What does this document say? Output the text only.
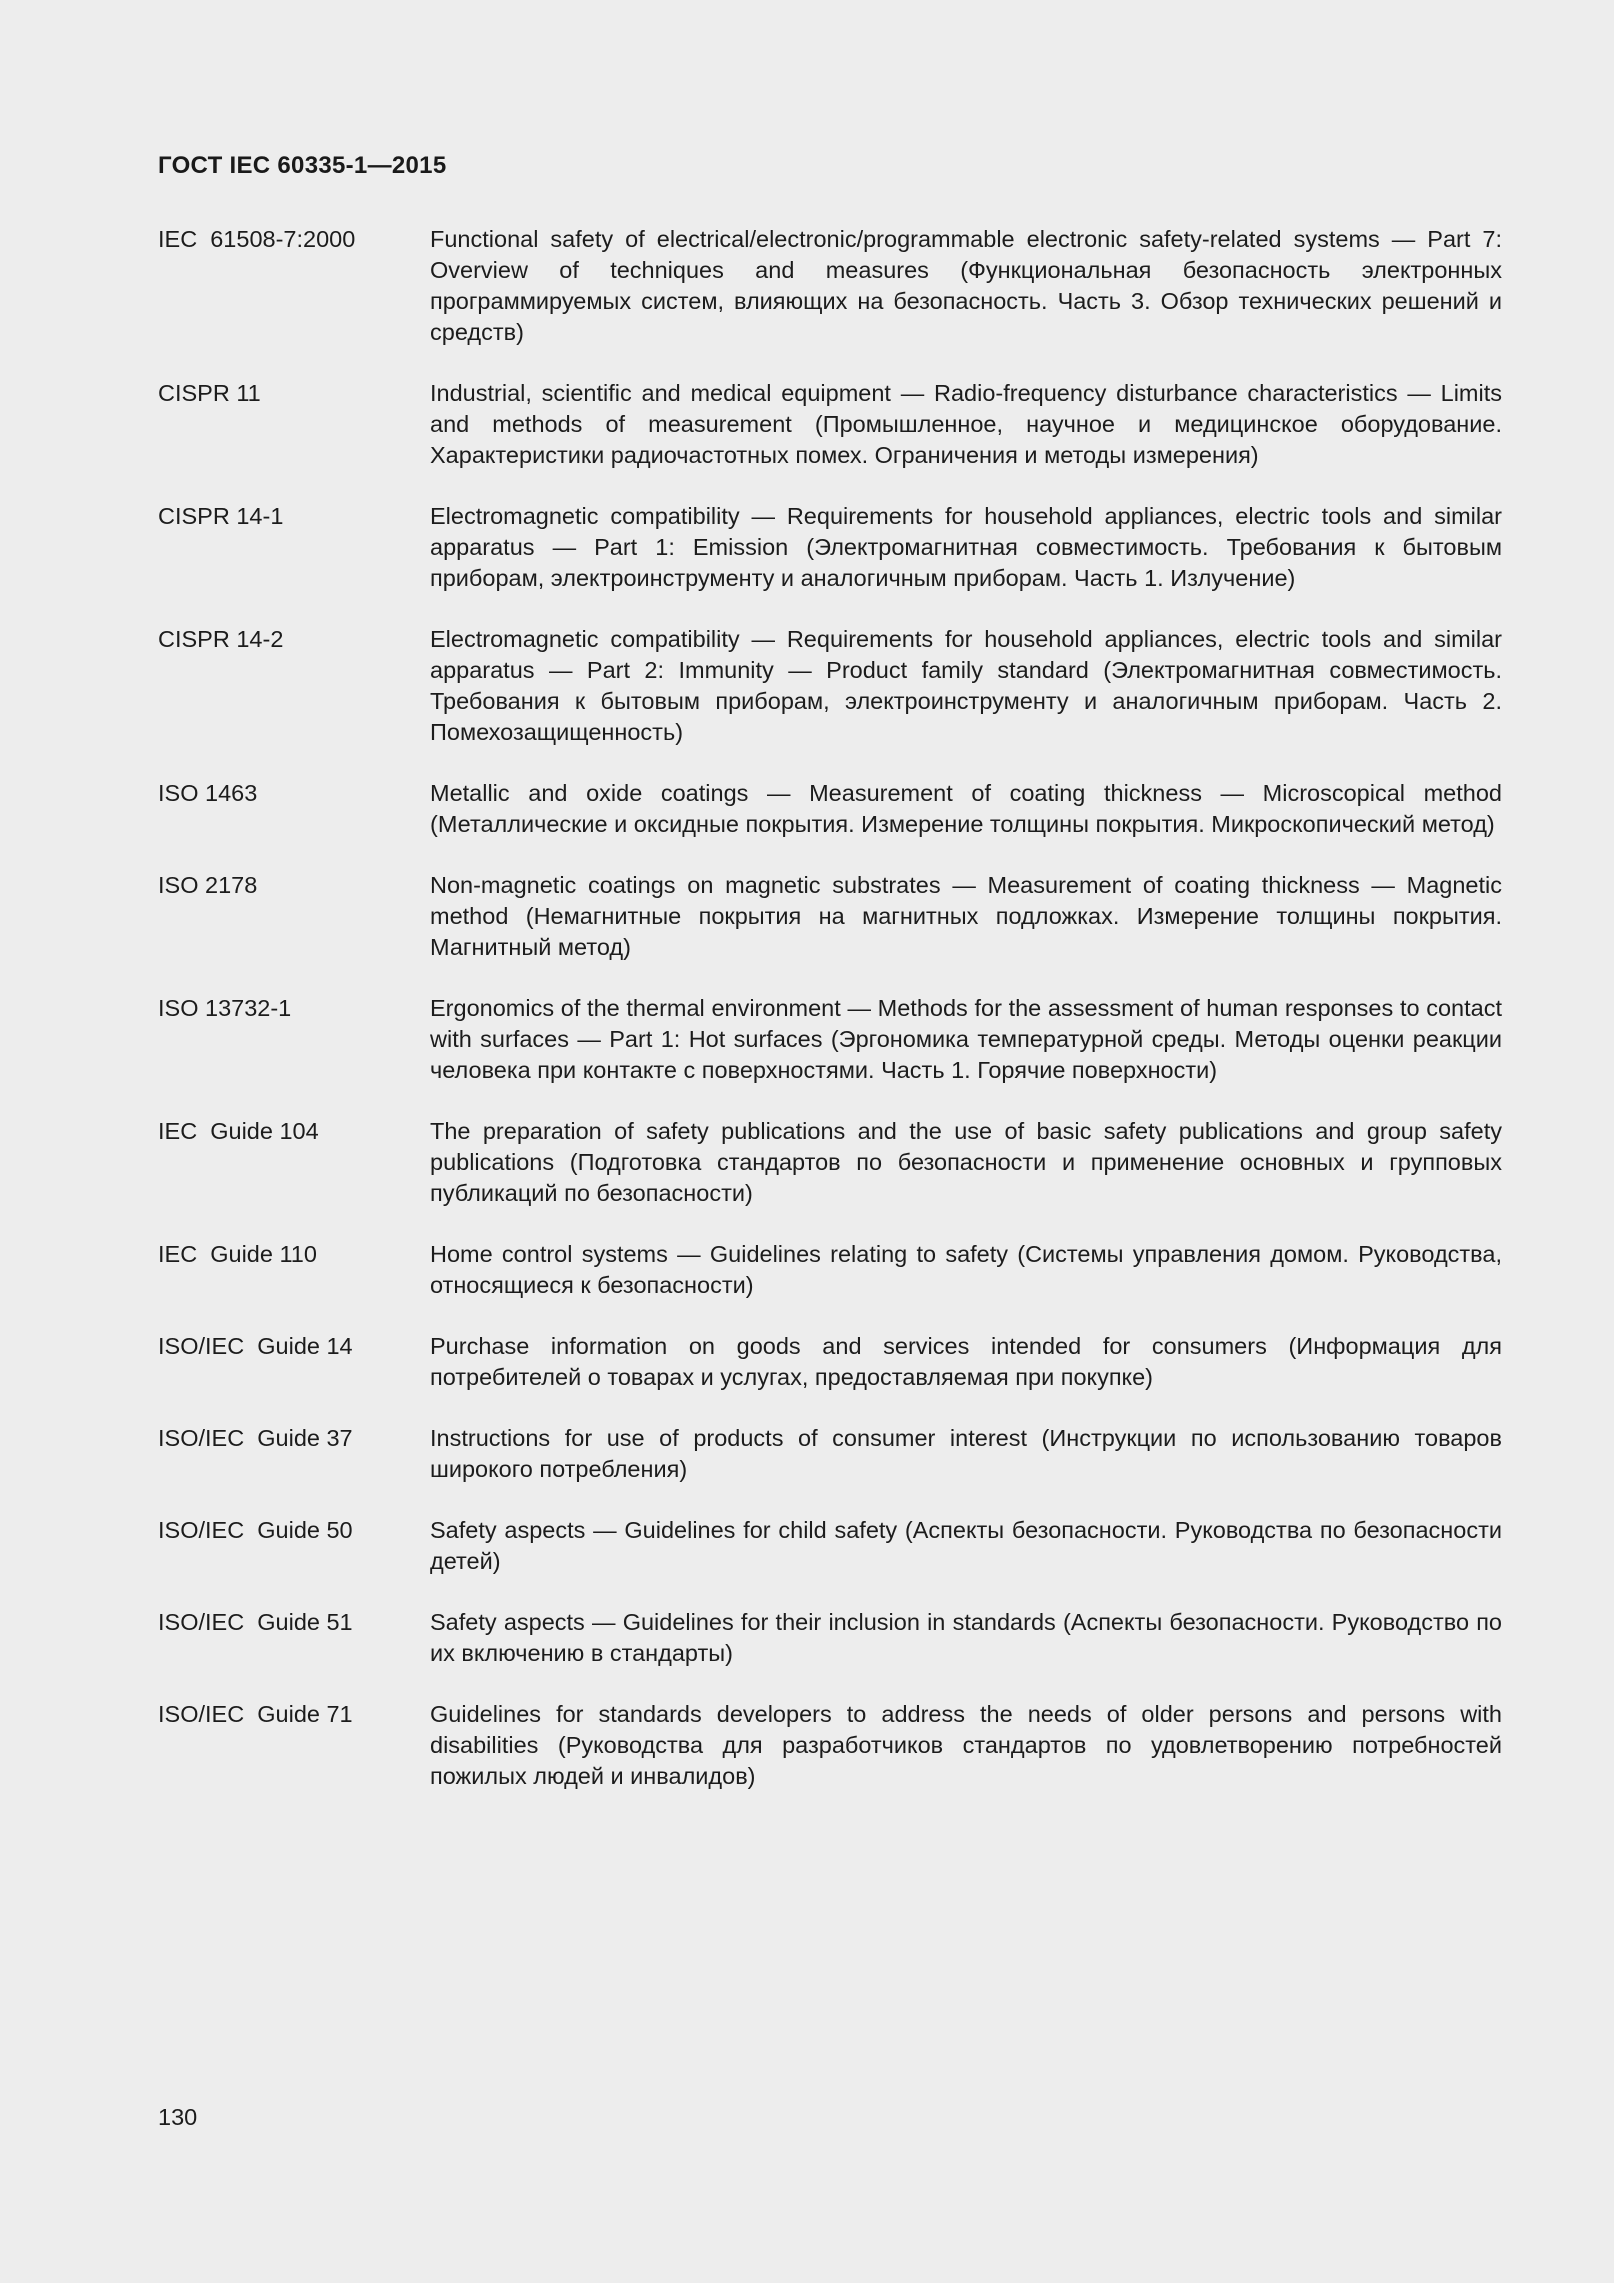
ГОСТ IEC 60335-1—2015
IEC  61508-7:2000	Functional safety of electrical/electronic/programmable electronic safety-related systems — Part 7: Overview of techniques and measures (Функциональная безопасность электронных программируемых систем, влияющих на безопасность. Часть 3. Обзор технических решений и средств)
CISPR 11	Industrial, scientific and medical equipment — Radio-frequency disturbance characteristics — Limits and methods of measurement (Промышленное, научное и медицинское оборудование. Характеристики радиочастотных помех. Ограничения и методы измерения)
CISPR 14-1	Electromagnetic compatibility — Requirements for household appliances, electric tools and similar apparatus — Part 1: Emission (Электромагнитная совместимость. Требования к бытовым приборам, электроинструменту и аналогичным приборам. Часть 1. Излучение)
CISPR 14-2	Electromagnetic compatibility — Requirements for household appliances, electric tools and similar apparatus — Part 2: Immunity — Product family standard (Электромагнитная совместимость. Требования к бытовым приборам, электроинструменту и аналогичным приборам. Часть 2. Помехозащищенность)
ISO 1463	Metallic and oxide coatings — Measurement of coating thickness — Microscopical method (Металлические и оксидные покрытия. Измерение толщины покрытия. Микроскопический метод)
ISO 2178	Non-magnetic coatings on magnetic substrates — Measurement of coating thickness — Magnetic method (Немагнитные покрытия на магнитных подложках. Измерение толщины покрытия. Магнитный метод)
ISO 13732-1	Ergonomics of the thermal environment — Methods for the assessment of human responses to contact with surfaces — Part 1: Hot surfaces (Эргономика температурной среды. Методы оценки реакции человека при контакте с поверхностями. Часть 1. Горячие поверхности)
IEC  Guide 104	The preparation of safety publications and the use of basic safety publications and group safety publications (Подготовка стандартов по безопасности и применение основных и групповых публикаций по безопасности)
IEC  Guide 110	Home control systems — Guidelines relating to safety (Системы управления домом. Руководства, относящиеся к безопасности)
ISO/IEC  Guide 14	Purchase information on goods and services intended for consumers (Информация для потребителей о товарах и услугах, предоставляемая при покупке)
ISO/IEC  Guide 37	Instructions for use of products of consumer interest (Инструкции по использованию товаров широкого потребления)
ISO/IEC  Guide 50	Safety aspects — Guidelines for child safety (Аспекты безопасности. Руководства по безопасности детей)
ISO/IEC  Guide 51	Safety aspects — Guidelines for their inclusion in standards (Аспекты безопасности. Руководство по их включению в стандарты)
ISO/IEC  Guide 71	Guidelines for standards developers to address the needs of older persons and persons with disabilities (Руководства для разработчиков стандартов по удовлетворению потребностей пожилых людей и инвалидов)
130
